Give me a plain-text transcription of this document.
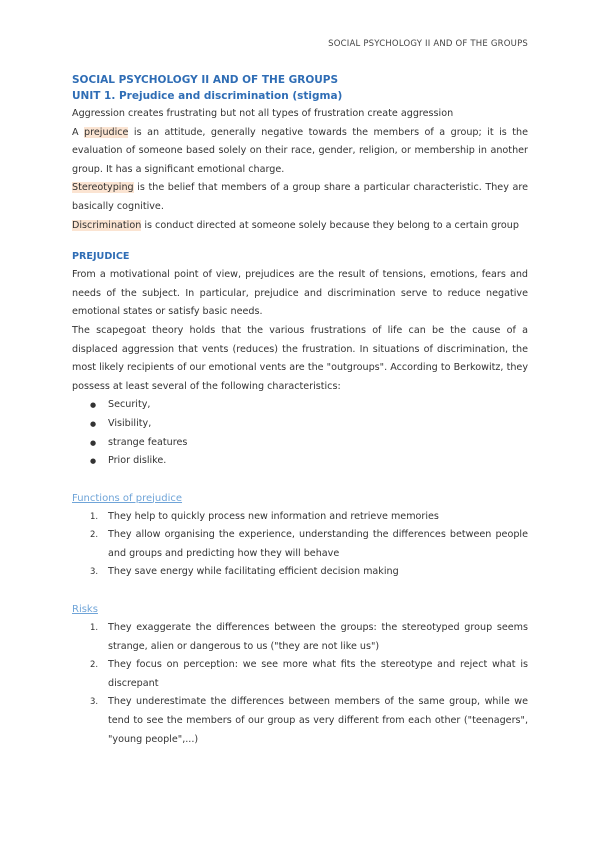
SOCIAL PSYCHOLOGY II AND OF THE GROUPS
SOCIAL PSYCHOLOGY II AND OF THE GROUPS
UNIT 1. Prejudice and discrimination (stigma)

Aggression creates frustrating but not all types of frustration create aggression

A prejudice is an attitude, generally negative towards the members of a group; it is the evaluation of someone based solely on their race, gender, religion, or membership in another group. It has a significant emotional charge.

Stereotyping is the belief that members of a group share a particular characteristic. They are basically cognitive.

Discrimination is conduct directed at someone solely because they belong to a certain group

PREJUDICE

From a motivational point of view, prejudices are the result of tensions, emotions, fears and needs of the subject. In particular, prejudice and discrimination serve to reduce negative emotional states or satisfy basic needs.

The scapegoat theory holds that the various frustrations of life can be the cause of a displaced aggression that vents (reduces) the frustration. In situations of discrimination, the most likely recipients of our emotional vents are the "outgroups". According to Berkowitz, they possess at least several of the following characteristics:

● Security,
● Visibility,
● strange features
● Prior dislike.
Functions of prejudice
1. They help to quickly process new information and retrieve memories
2. They allow organising the experience, understanding the differences between people and groups and predicting how they will behave
3. They save energy while facilitating efficient decision making
Risks
1. They exaggerate the differences between the groups: the stereotyped group seems strange, alien or dangerous to us ("they are not like us")
2. They focus on perception: we see more what fits the stereotype and reject what is discrepant
3. They underestimate the differences between members of the same group, while we tend to see the members of our group as very different from each other ("teenagers", "young people",...)
